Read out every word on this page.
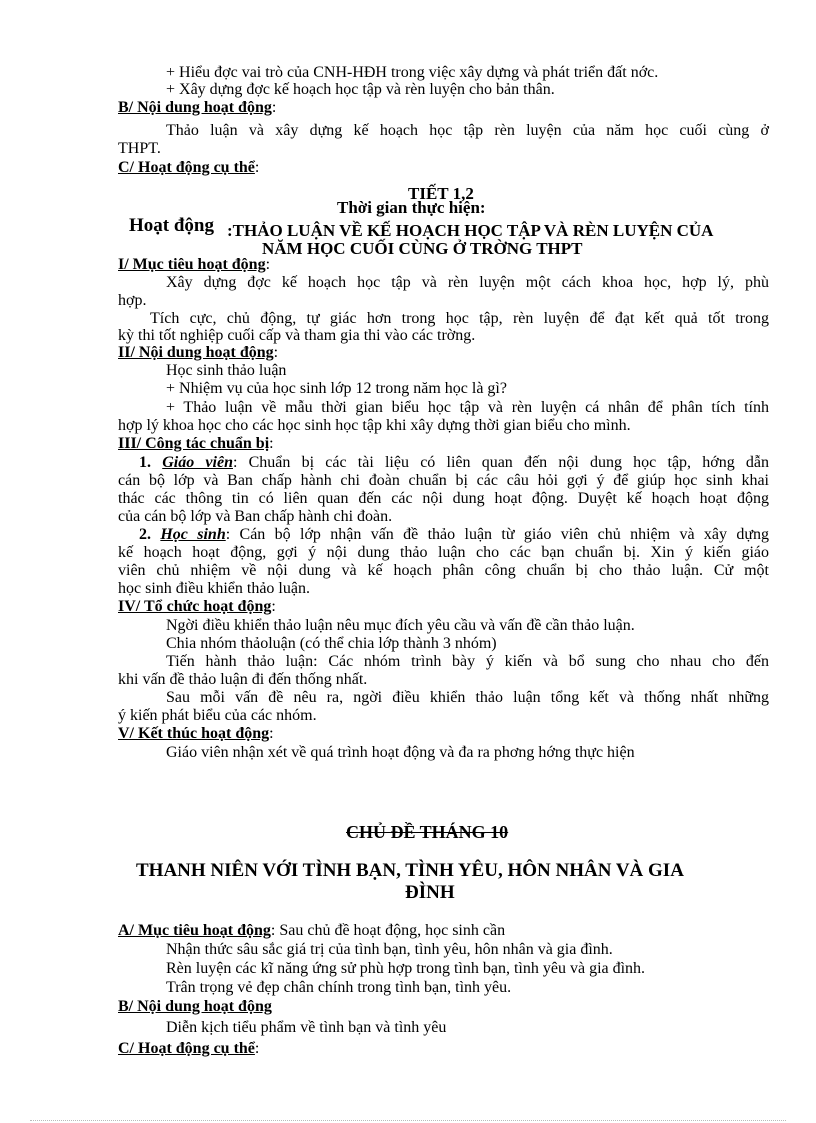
+ Hiểu đợc vai trò của CNH-HĐH trong việc xây dựng và phát triển đất nớc.
+ Xây dựng đợc kế hoạch học tập và rèn luyện cho bản thân.
B/ Nội dung hoạt động:
Thảo luận và xây dựng kế hoạch học tập rèn luyện của năm học cuối cùng ở
THPT.
C/ Hoạt động cụ thể:
TIẾT 1,2
Thời gian thực hiện:
Hoạt động :THẢO LUẬN VỀ KẾ HOẠCH HỌC TẬP VÀ RÈN LUYỆN CỦA
NĂM HỌC CUỐI CÙNG Ở TRỜNG THPT
I/ Mục tiêu hoạt động:
Xây dựng đợc kế hoạch học tập và rèn luyện một cách khoa học, hợp lý, phù
hợp.
Tích cực, chủ động, tự giác hơn trong học tập, rèn luyện để đạt kết quả tốt trong
kỳ thi tốt nghiệp cuối cấp và tham gia thi vào các trờng.
II/ Nội dung hoạt động:
Học sinh thảo luận
+ Nhiệm vụ của học sinh lớp 12 trong năm học là gì?
+ Thảo luận về mẫu thời gian biểu học tập và rèn luyện cá nhân để phân tích tính
hợp lý khoa học cho các học sinh học tập khi xây dựng thời gian biểu cho mình.
III/ Công tác chuẩn bị:
1. Giáo viên: Chuẩn bị các tài liệu có liên quan đến nội dung học tập, hớng dẫn
cán bộ lớp và Ban chấp hành chi đoàn chuẩn bị các câu hỏi gợi ý để giúp học sinh khai
thác các thông tin có liên quan đến các nội dung hoạt động. Duyệt kế hoạch hoạt động
của cán bộ lớp và Ban chấp hành chi đoàn.
2. Học sinh: Cán bộ lớp nhận vấn đề thảo luận từ giáo viên chủ nhiệm và xây dựng
kế hoạch hoạt động, gợi ý nội dung thảo luận cho các bạn chuẩn bị. Xin ý kiến giáo
viên chủ nhiệm về nội dung và kế hoạch phân công chuẩn bị cho thảo luận. Cử một
học sinh điều khiển thảo luận.
IV/ Tổ chức hoạt động:
Ngời điều khiển thảo luận nêu mục đích yêu cầu và vấn đề cần thảo luận.
Chia nhóm thảoluận (có thể chia lớp thành 3 nhóm)
Tiến hành thảo luận: Các nhóm trình bày ý kiến và bổ sung cho nhau cho đến
khi vấn đề thảo luận đi đến thống nhất.
Sau mỗi vấn đề nêu ra, ngời điều khiển thảo luận tổng kết và thống nhất những
ý kiến phát biểu của các nhóm.
V/ Kết thúc hoạt động:
Giáo viên nhận xét về quá trình hoạt động và đa ra phơng hớng thực hiện
CHỦ ĐỀ THÁNG 10
THANH NIÊN VỚI TÌNH BẠN, TÌNH YÊU, HÔN NHÂN VÀ GIA
ĐÌNH
A/ Mục tiêu hoạt động: Sau chủ đề hoạt động, học sinh cần
Nhận thức sâu sắc giá trị của tình bạn, tình yêu, hôn nhân và gia đình.
Rèn luyện các kĩ năng ứng sử phù hợp trong tình bạn, tình yêu và gia đình.
Trân trọng vẻ đẹp chân chính trong tình bạn, tình yêu.
B/ Nội dung hoạt động
Diễn kịch tiểu phẩm về tình bạn và tình yêu
C/ Hoạt động cụ thể:
